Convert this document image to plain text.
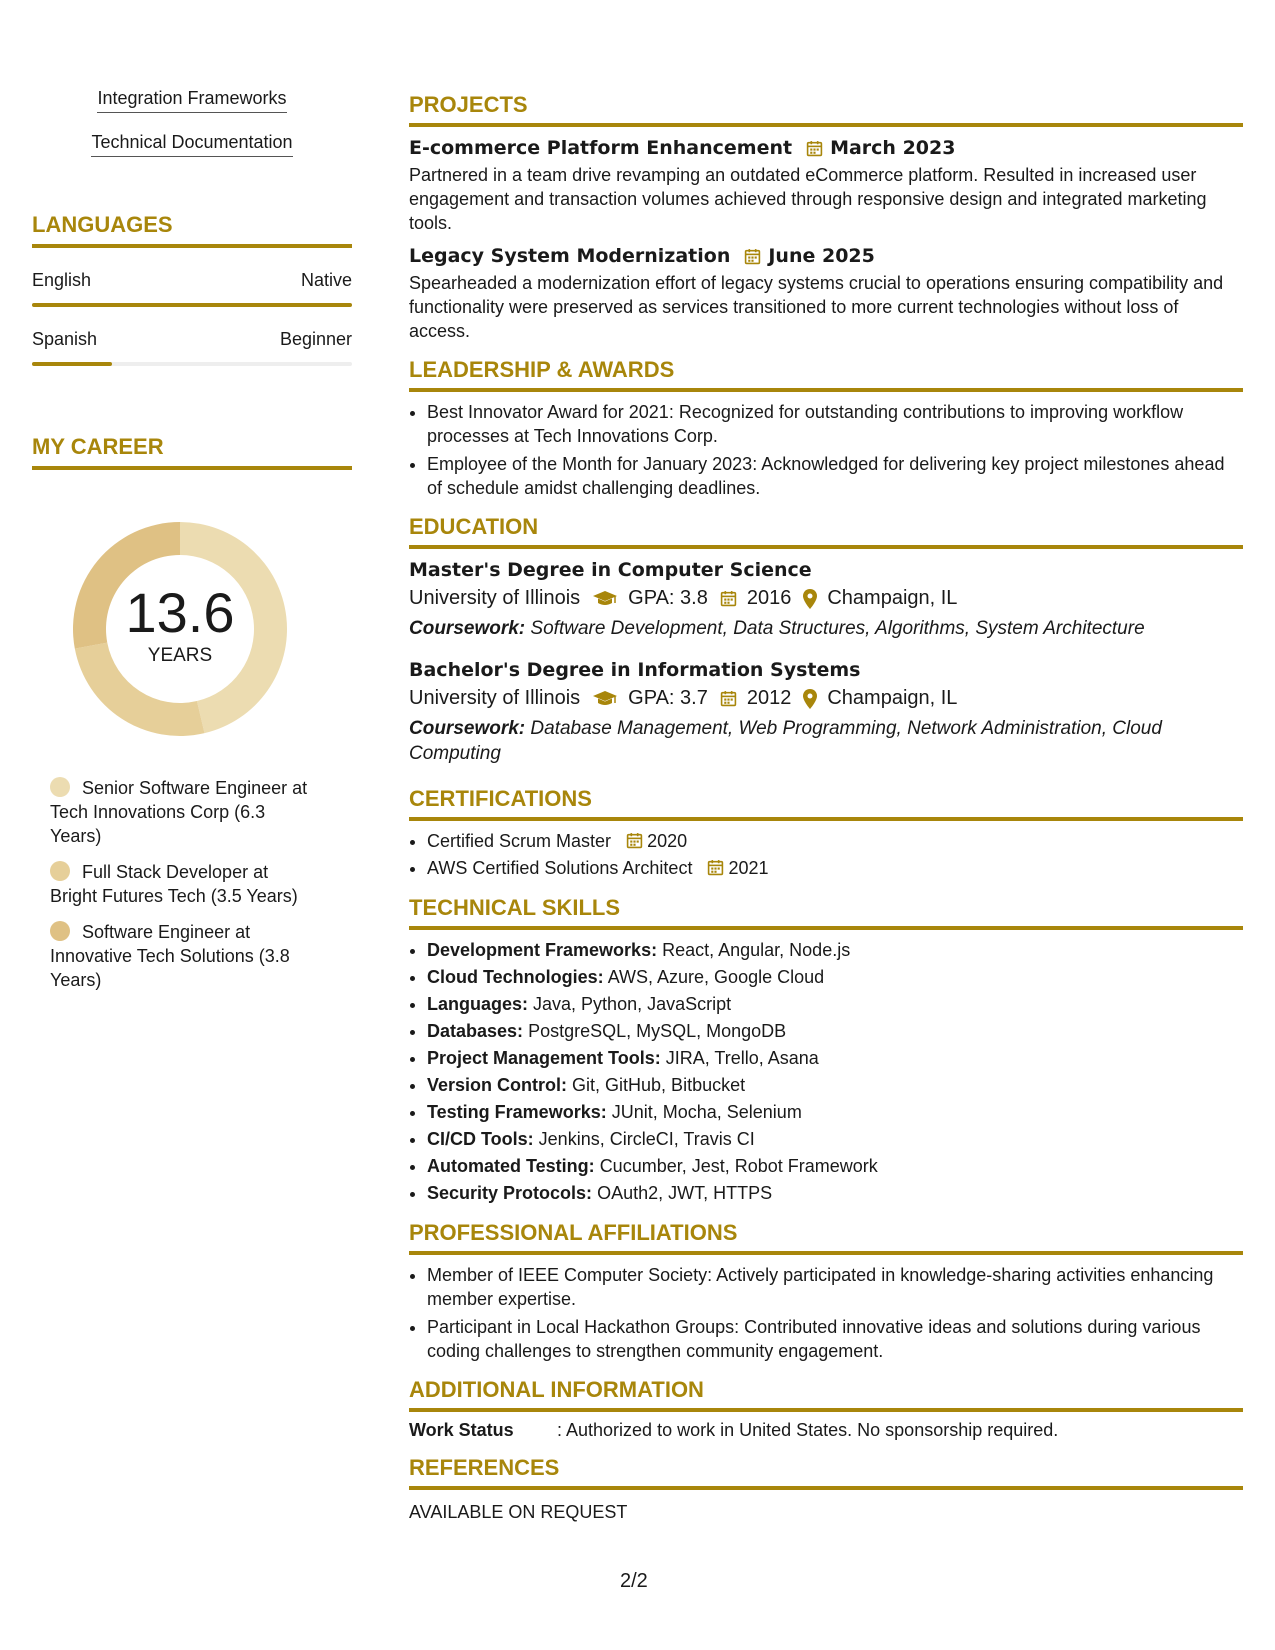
Integration Frameworks
Technical Documentation
LANGUAGES
English	Native
Spanish	Beginner
MY CAREER
13.6
YEARS
Senior Software Engineer at Tech Innovations Corp (6.3 Years)
Full Stack Developer at Bright Futures Tech (3.5 Years)
Software Engineer at Innovative Tech Solutions (3.8 Years)
PROJECTS
E-commerce Platform Enhancement March 2023
Partnered in a team drive revamping an outdated eCommerce platform. Resulted in increased user engagement and transaction volumes achieved through responsive design and integrated marketing tools.
Legacy System Modernization June 2025
Spearheaded a modernization effort of legacy systems crucial to operations ensuring compatibility and functionality were preserved as services transitioned to more current technologies without loss of access.
LEADERSHIP & AWARDS
• Best Innovator Award for 2021: Recognized for outstanding contributions to improving workflow processes at Tech Innovations Corp.
• Employee of the Month for January 2023: Acknowledged for delivering key project milestones ahead of schedule amidst challenging deadlines.
EDUCATION
Master's Degree in Computer Science
University of Illinois GPA: 3.8 2016 Champaign, IL
Coursework: Software Development, Data Structures, Algorithms, System Architecture
Bachelor's Degree in Information Systems
University of Illinois GPA: 3.7 2012 Champaign, IL
Coursework: Database Management, Web Programming, Network Administration, Cloud Computing
CERTIFICATIONS
• Certified Scrum Master 2020
• AWS Certified Solutions Architect 2021
TECHNICAL SKILLS
• Development Frameworks: React, Angular, Node.js
• Cloud Technologies: AWS, Azure, Google Cloud
• Languages: Java, Python, JavaScript
• Databases: PostgreSQL, MySQL, MongoDB
• Project Management Tools: JIRA, Trello, Asana
• Version Control: Git, GitHub, Bitbucket
• Testing Frameworks: JUnit, Mocha, Selenium
• CI/CD Tools: Jenkins, CircleCI, Travis CI
• Automated Testing: Cucumber, Jest, Robot Framework
• Security Protocols: OAuth2, JWT, HTTPS
PROFESSIONAL AFFILIATIONS
• Member of IEEE Computer Society: Actively participated in knowledge-sharing activities enhancing member expertise.
• Participant in Local Hackathon Groups: Contributed innovative ideas and solutions during various coding challenges to strengthen community engagement.
ADDITIONAL INFORMATION
Work Status	: Authorized to work in United States. No sponsorship required.
REFERENCES
AVAILABLE ON REQUEST
2/2
